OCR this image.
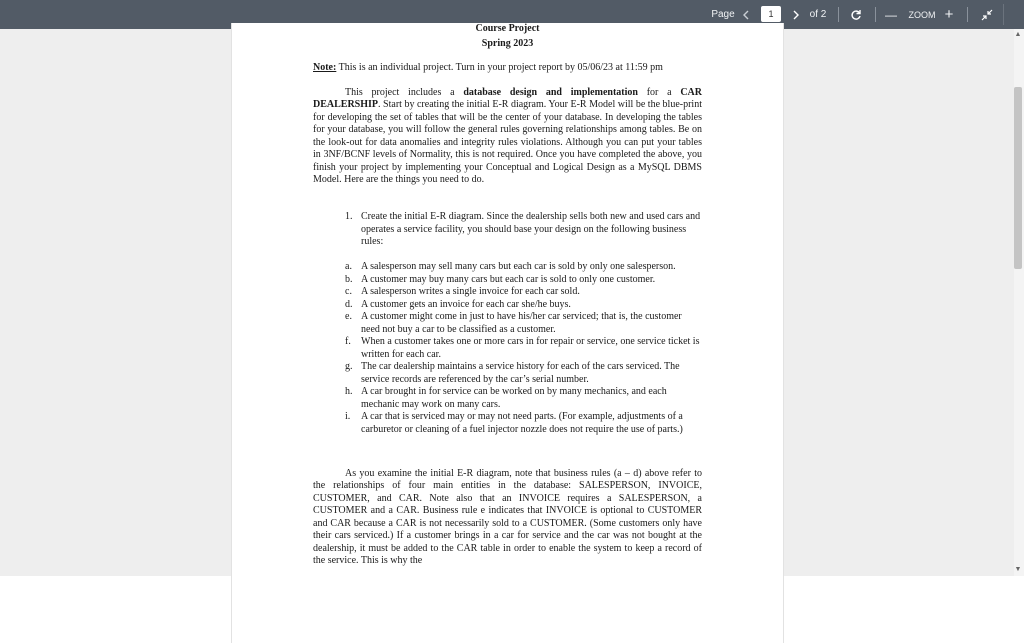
Page
1	of 2	—	ZOOM +
Course Project
Spring 2023
Note: This is an individual project. Turn in your project report by 05/06/23 at 11:59 pm
This project includes a database design and implementation for a CAR DEALERSHIP. Start by creating the initial E-R diagram. Your E-R Model will be the blue-print for developing the set of tables that will be the center of your database. In developing the tables for your database, you will follow the general rules governing relationships among tables. Be on the look-out for data anomalies and integrity rules violations. Although you can put your tables in 3NF/BCNF levels of Normality, this is not required. Once you have completed the above, you finish your project by implementing your Conceptual and Logical Design as a MySQL DBMS Model. Here are the things you need to do.
1. Create the initial E-R diagram. Since the dealership sells both new and used cars and operates a service facility, you should base your design on the following business rules:
a. A salesperson may sell many cars but each car is sold by only one salesperson.
b. A customer may buy many cars but each car is sold to only one customer.
c. A salesperson writes a single invoice for each car sold.
d. A customer gets an invoice for each car she/he buys.
e. A customer might come in just to have his/her car serviced; that is, the customer need not buy a car to be classified as a customer.
f. When a customer takes one or more cars in for repair or service, one service ticket is written for each car.
g. The car dealership maintains a service history for each of the cars serviced. The service records are referenced by the car’s serial number.
h. A car brought in for service can be worked on by many mechanics, and each mechanic may work on many cars.
i. A car that is serviced may or may not need parts. (For example, adjustments of a carburetor or cleaning of a fuel injector nozzle does not require the use of parts.)
As you examine the initial E-R diagram, note that business rules (a – d) above refer to the relationships of four main entities in the database: SALESPERSON, INVOICE, CUSTOMER, and CAR. Note also that an INVOICE requires a SALESPERSON, a CUSTOMER and a CAR. Business rule e indicates that INVOICE is optional to CUSTOMER and CAR because a CAR is not necessarily sold to a CUSTOMER. (Some customers only have their cars serviced.) If a customer brings in a car for service and the car was not bought at the dealership, it must be added to the CAR table in order to enable the system to keep a record of the service. This is why the
▲
▼
